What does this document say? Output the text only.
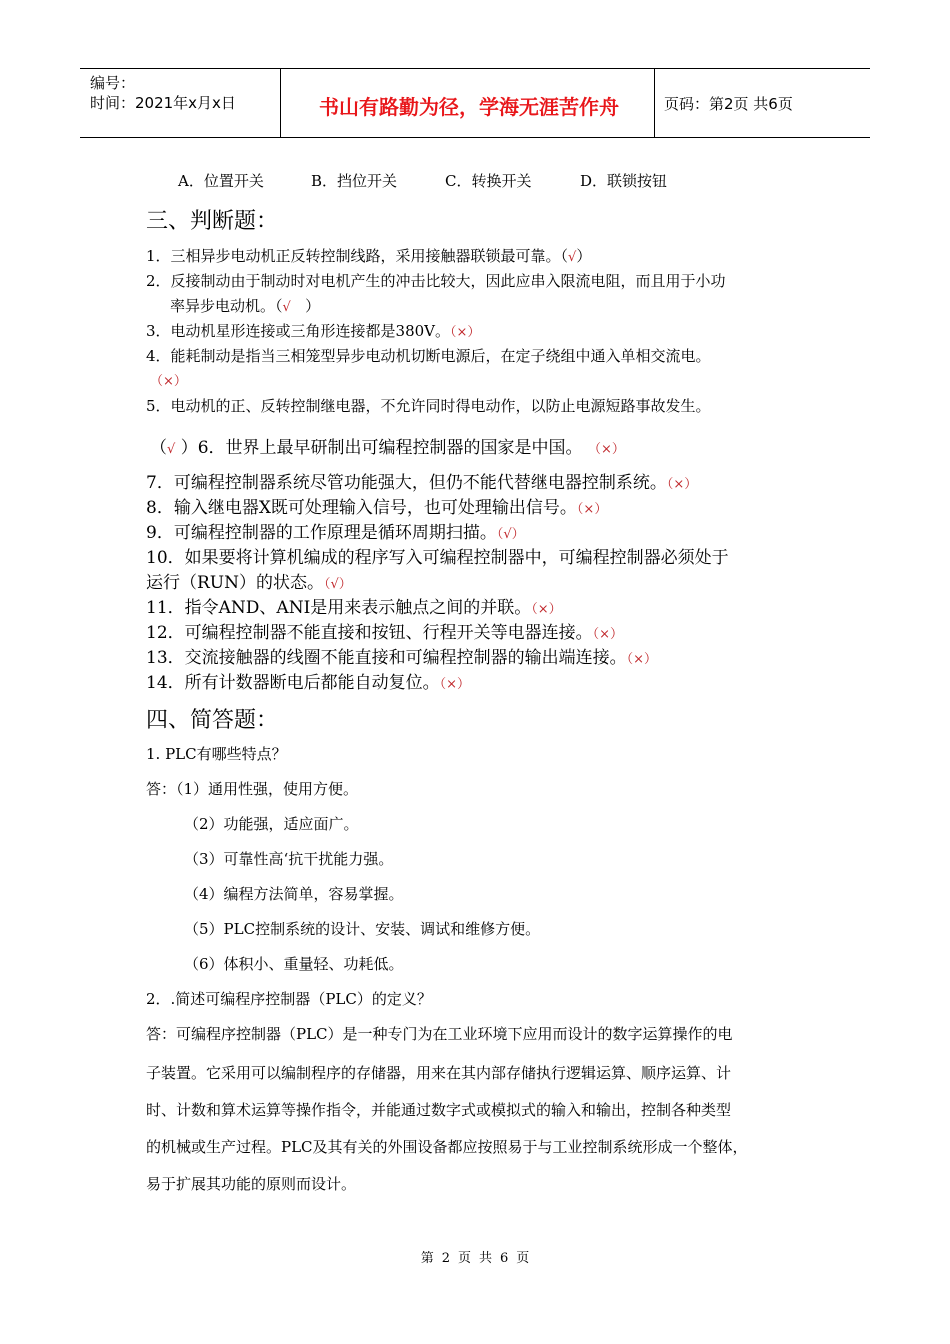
编号：
时间：2021年x月x日	书山有路勤为径，学海无涯苦作舟	页码：第2页 共6页
A．位置开关	B．挡位开关	C．转换开关	D．联锁按钮
三、判断题：
1．三相异步电动机正反转控制线路，采用接触器联锁最可靠。（√）
2．反接制动由于制动时对电机产生的冲击比较大，因此应串入限流电阻，而且用于小功
率异步电动机。（√ ）
3．电动机星形连接或三角形连接都是380V。（×）
4．能耗制动是指当三相笼型异步电动机切断电源后，在定子绕组中通入单相交流电。
（×）
5．电动机的正、反转控制继电器，不允许同时得电动作，以防止电源短路事故发生。
（√ ）6．世界上最早研制出可编程控制器的国家是中国。 （×）
7．可编程控制器系统尽管功能强大，但仍不能代替继电器控制系统。（×）
8．输入继电器X既可处理输入信号，也可处理输出信号。（×）
9．可编程控制器的工作原理是循环周期扫描。（√）
10．如果要将计算机编成的程序写入可编程控制器中，可编程控制器必须处于
运行（RUN）的状态。（√）
11．指令AND、ANI是用来表示触点之间的并联。（×）
12．可编程控制器不能直接和按钮、行程开关等电器连接。（×）
13．交流接触器的线圈不能直接和可编程控制器的输出端连接。（×）
14．所有计数器断电后都能自动复位。（×）
四、简答题：
1. PLC有哪些特点？
答：（1）通用性强，使用方便。
（2）功能强，适应面广。
（3）可靠性高‘抗干扰能力强。
（4）编程方法简单，容易掌握。
（5）PLC控制系统的设计、安装、调试和维修方便。
（6）体积小、重量轻、功耗低。
2．.简述可编程序控制器（PLC）的定义？
答：可编程序控制器（PLC）是一种专门为在工业环境下应用而设计的数字运算操作的电
子装置。它采用可以编制程序的存储器，用来在其内部存储执行逻辑运算、顺序运算、计
时、计数和算术运算等操作指令，并能通过数字式或模拟式的输入和输出，控制各种类型
的机械或生产过程。PLC及其有关的外围设备都应按照易于与工业控制系统形成一个整体，
易于扩展其功能的原则而设计。
第 2 页 共 6 页
